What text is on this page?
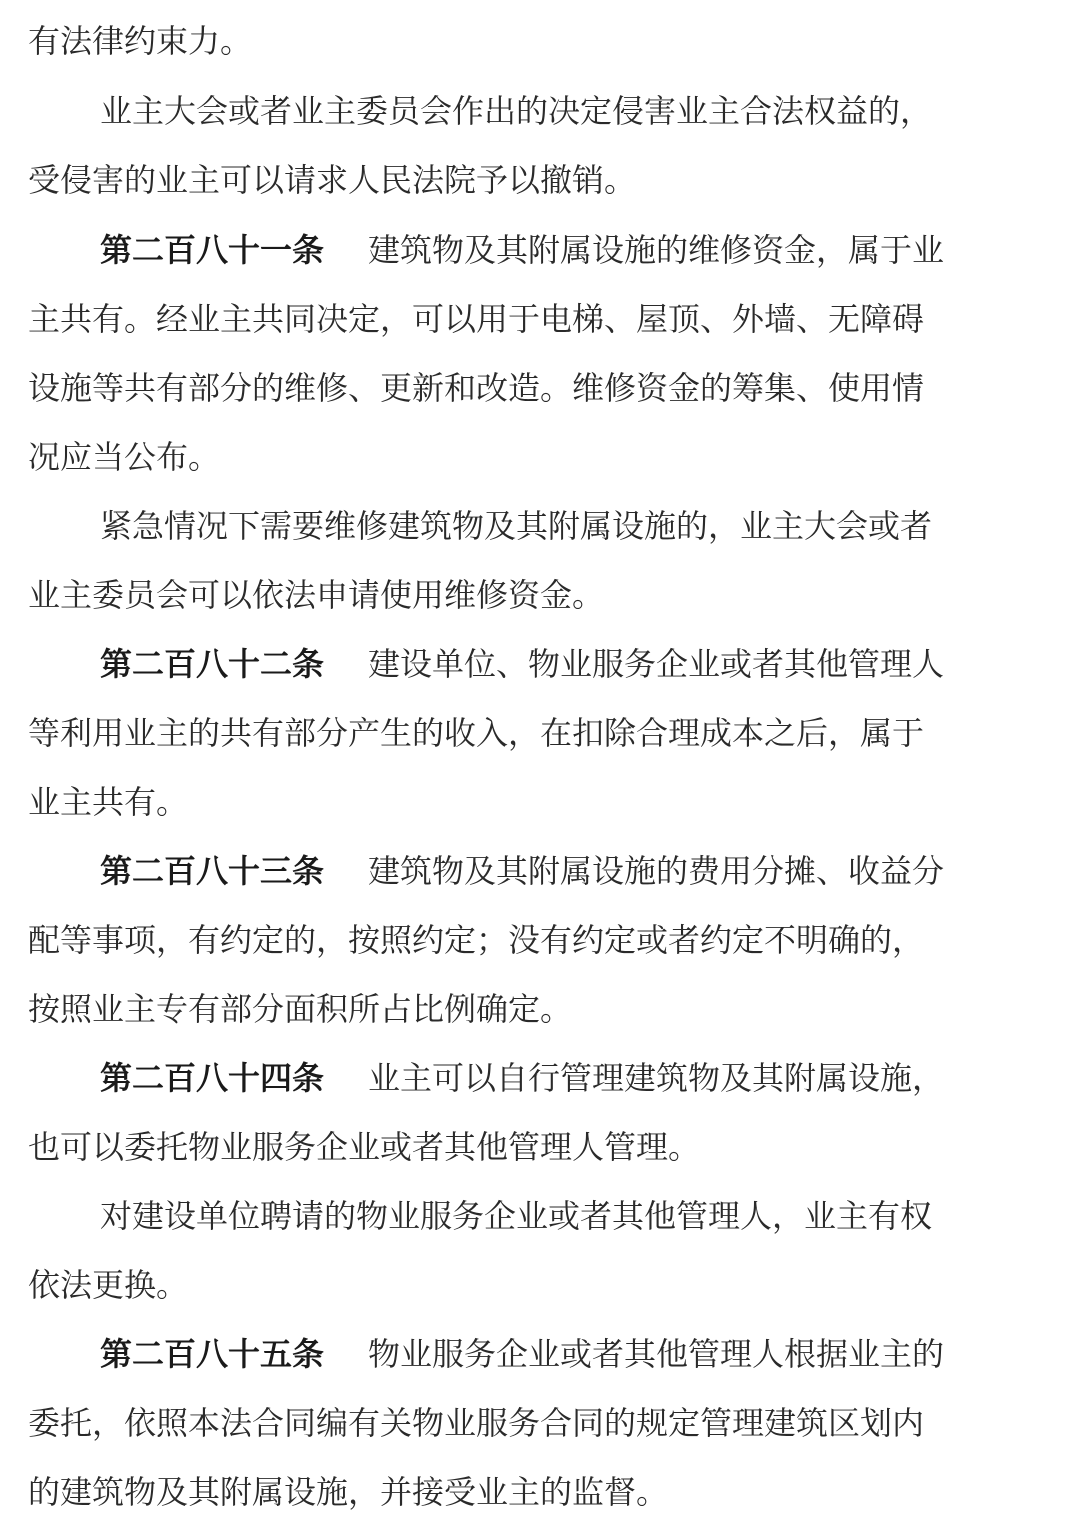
有法律约束力。
业主大会或者业主委员会作出的决定侵害业主合法权益的，
受侵害的业主可以请求人民法院予以撤销。
第二百八十一条 建筑物及其附属设施的维修资金，属于业
主共有。经业主共同决定，可以用于电梯、屋顶、外墙、无障碍
设施等共有部分的维修、更新和改造。维修资金的筹集、使用情
况应当公布。
紧急情况下需要维修建筑物及其附属设施的，业主大会或者
业主委员会可以依法申请使用维修资金。
第二百八十二条 建设单位、物业服务企业或者其他管理人
等利用业主的共有部分产生的收入，在扣除合理成本之后，属于
业主共有。
第二百八十三条 建筑物及其附属设施的费用分摊、收益分
配等事项，有约定的，按照约定；没有约定或者约定不明确的，
按照业主专有部分面积所占比例确定。
第二百八十四条 业主可以自行管理建筑物及其附属设施，
也可以委托物业服务企业或者其他管理人管理。
对建设单位聘请的物业服务企业或者其他管理人，业主有权
依法更换。
第二百八十五条 物业服务企业或者其他管理人根据业主的
委托，依照本法合同编有关物业服务合同的规定管理建筑区划内
的建筑物及其附属设施，并接受业主的监督。
